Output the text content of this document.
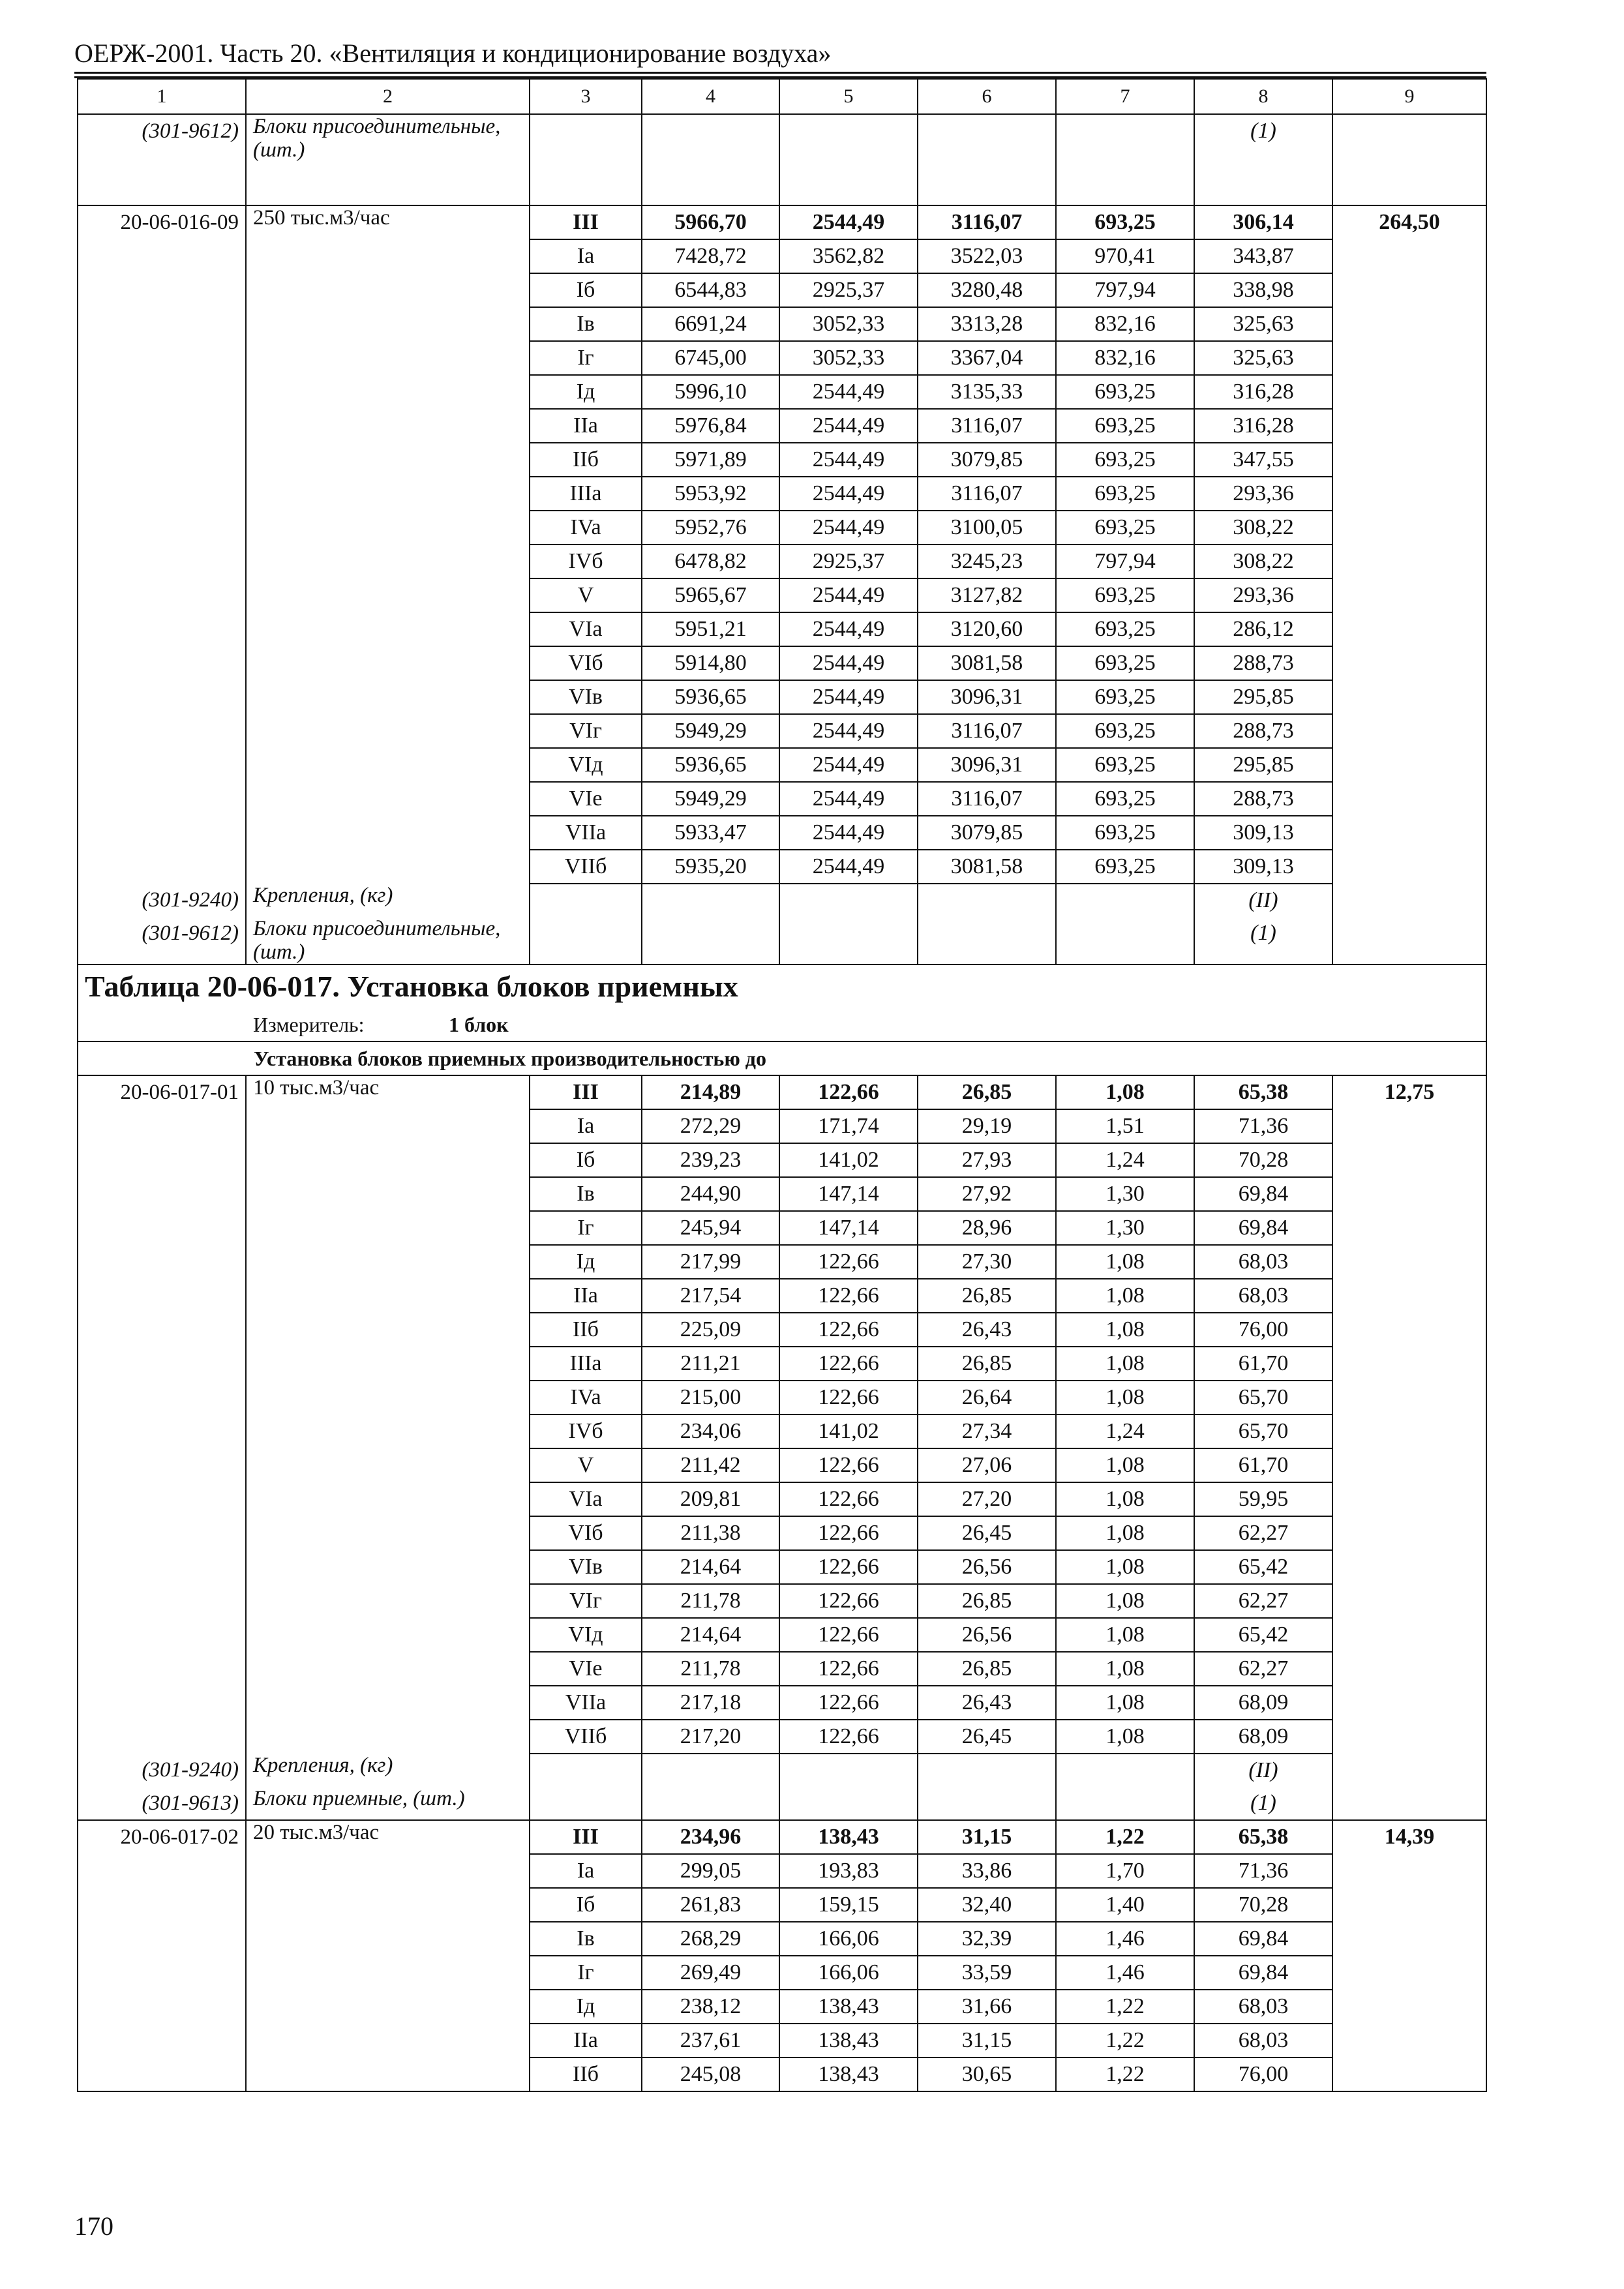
ОЕРЖ-2001. Часть 20. «Вентиляция и кондиционирование воздуха»
1	2	3	4	5	6	7	8	9
(301-9612)	Блоки присоединительные, (шт.)						(1)	
20-06-016-09	250 тыс.м3/час	III	5966,70	2544,49	3116,07	693,25	306,14	264,50
		Ia	7428,72	3562,82	3522,03	970,41	343,87	
		Iб	6544,83	2925,37	3280,48	797,94	338,98	
		Iв	6691,24	3052,33	3313,28	832,16	325,63	
		Iг	6745,00	3052,33	3367,04	832,16	325,63	
		Iд	5996,10	2544,49	3135,33	693,25	316,28	
		IIa	5976,84	2544,49	3116,07	693,25	316,28	
		IIб	5971,89	2544,49	3079,85	693,25	347,55	
		IIIa	5953,92	2544,49	3116,07	693,25	293,36	
		IVa	5952,76	2544,49	3100,05	693,25	308,22	
		IVб	6478,82	2925,37	3245,23	797,94	308,22	
		V	5965,67	2544,49	3127,82	693,25	293,36	
		VIa	5951,21	2544,49	3120,60	693,25	286,12	
		VIб	5914,80	2544,49	3081,58	693,25	288,73	
		VIв	5936,65	2544,49	3096,31	693,25	295,85	
		VIг	5949,29	2544,49	3116,07	693,25	288,73	
		VIд	5936,65	2544,49	3096,31	693,25	295,85	
		VIe	5949,29	2544,49	3116,07	693,25	288,73	
		VIIa	5933,47	2544,49	3079,85	693,25	309,13	
		VIIб	5935,20	2544,49	3081,58	693,25	309,13	
(301-9240)	Крепления, (кг)						(II)	
(301-9612)	Блоки присоединительные, (шт.)						(1)	
Таблица 20-06-017. Установка блоков приемных								
Измеритель: 1 блок								
	Установка блоков приемных производительностью до							
20-06-017-01	10 тыс.м3/час	III	214,89	122,66	26,85	1,08	65,38	12,75
		Ia	272,29	171,74	29,19	1,51	71,36	
		Iб	239,23	141,02	27,93	1,24	70,28	
		Iв	244,90	147,14	27,92	1,30	69,84	
		Iг	245,94	147,14	28,96	1,30	69,84	
		Iд	217,99	122,66	27,30	1,08	68,03	
		IIa	217,54	122,66	26,85	1,08	68,03	
		IIб	225,09	122,66	26,43	1,08	76,00	
		IIIa	211,21	122,66	26,85	1,08	61,70	
		IVa	215,00	122,66	26,64	1,08	65,70	
		IVб	234,06	141,02	27,34	1,24	65,70	
		V	211,42	122,66	27,06	1,08	61,70	
		VIa	209,81	122,66	27,20	1,08	59,95	
		VIб	211,38	122,66	26,45	1,08	62,27	
		VIв	214,64	122,66	26,56	1,08	65,42	
		VIг	211,78	122,66	26,85	1,08	62,27	
		VIд	214,64	122,66	26,56	1,08	65,42	
		VIe	211,78	122,66	26,85	1,08	62,27	
		VIIa	217,18	122,66	26,43	1,08	68,09	
		VIIб	217,20	122,66	26,45	1,08	68,09	
(301-9240)	Крепления, (кг)						(II)	
(301-9613)	Блоки приемные, (шт.)						(1)	
20-06-017-02	20 тыс.м3/час	III	234,96	138,43	31,15	1,22	65,38	14,39
		Ia	299,05	193,83	33,86	1,70	71,36	
		Iб	261,83	159,15	32,40	1,40	70,28	
		Iв	268,29	166,06	32,39	1,46	69,84	
		Iг	269,49	166,06	33,59	1,46	69,84	
		Iд	238,12	138,43	31,66	1,22	68,03	
		IIa	237,61	138,43	31,15	1,22	68,03	
		IIб	245,08	138,43	30,65	1,22	76,00	
170
